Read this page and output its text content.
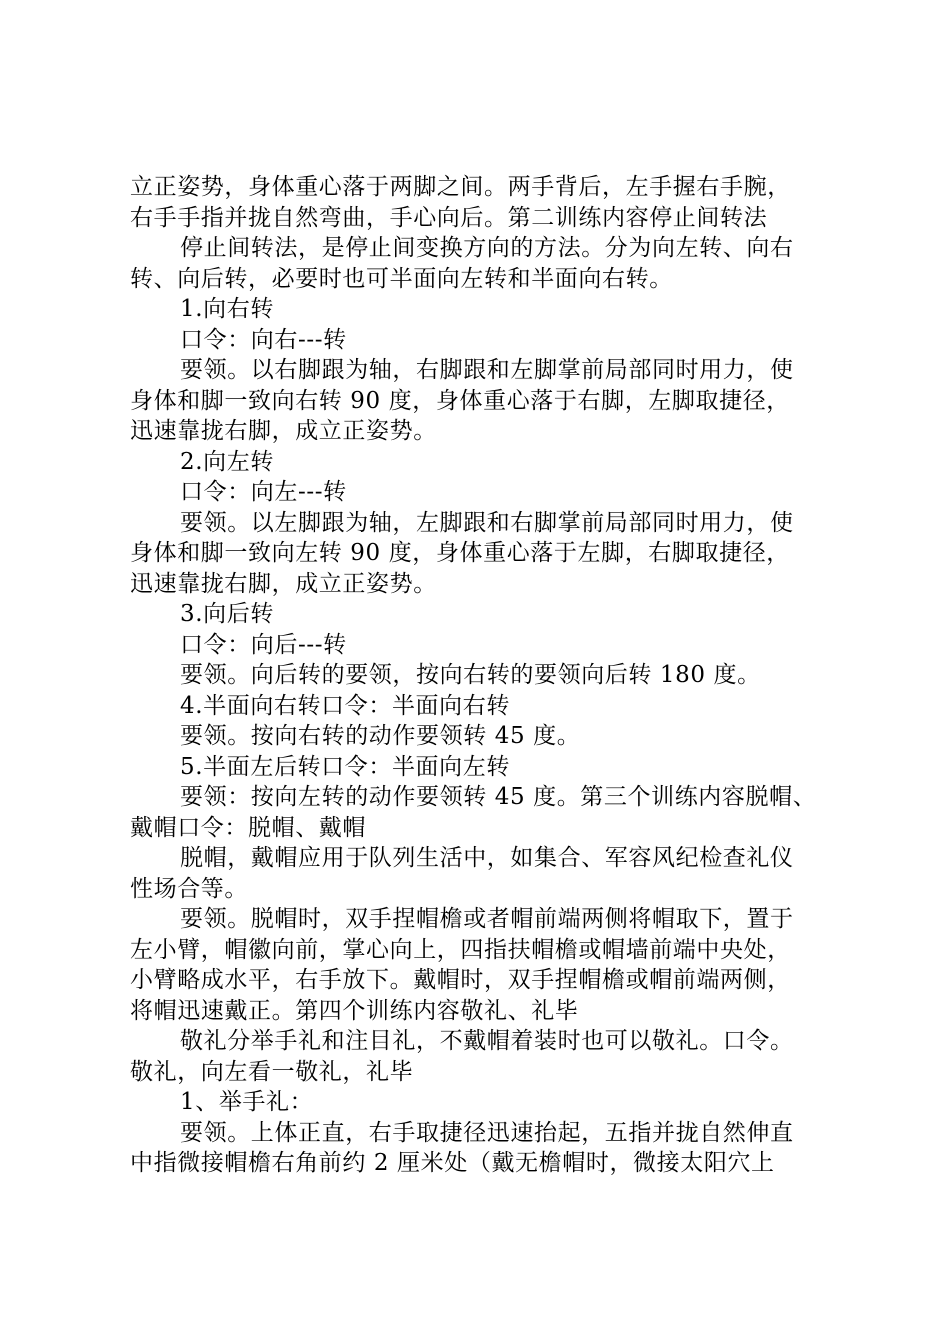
立正姿势，身体重心落于两脚之间。两手背后，左手握右手腕，

右手手指并拢自然弯曲，手心向后。第二训练内容停止间转法

停止间转法，是停止间变换方向的方法。分为向左转、向右

转、向后转，必要时也可半面向左转和半面向右转。

1.向右转

口令：向右---转

要领。以右脚跟为轴，右脚跟和左脚掌前局部同时用力，使

身体和脚一致向右转 90 度，身体重心落于右脚，左脚取捷径，

迅速靠拢右脚，成立正姿势。

2.向左转

口令：向左---转

要领。以左脚跟为轴，左脚跟和右脚掌前局部同时用力，使

身体和脚一致向左转 90 度，身体重心落于左脚，右脚取捷径，

迅速靠拢右脚，成立正姿势。

3.向后转

口令：向后---转

要领。向后转的要领，按向右转的要领向后转 180 度。

4.半面向右转口令：半面向右转

要领。按向右转的动作要领转 45 度。

5.半面左后转口令：半面向左转

要领：按向左转的动作要领转 45 度。第三个训练内容脱帽、

戴帽口令：脱帽、戴帽

脱帽，戴帽应用于队列生活中，如集合、军容风纪检查礼仪

性场合等。

要领。脱帽时，双手捏帽檐或者帽前端两侧将帽取下，置于

左小臂，帽徽向前，掌心向上，四指扶帽檐或帽墙前端中央处，

小臂略成水平，右手放下。戴帽时，双手捏帽檐或帽前端两侧，

将帽迅速戴正。第四个训练内容敬礼、礼毕

敬礼分举手礼和注目礼，不戴帽着装时也可以敬礼。口令。

敬礼，向左看一敬礼，礼毕

1、举手礼：

要领。上体正直，右手取捷径迅速抬起，五指并拢自然伸直

中指微接帽檐右角前约 2 厘米处（戴无檐帽时，微接太阳穴上
